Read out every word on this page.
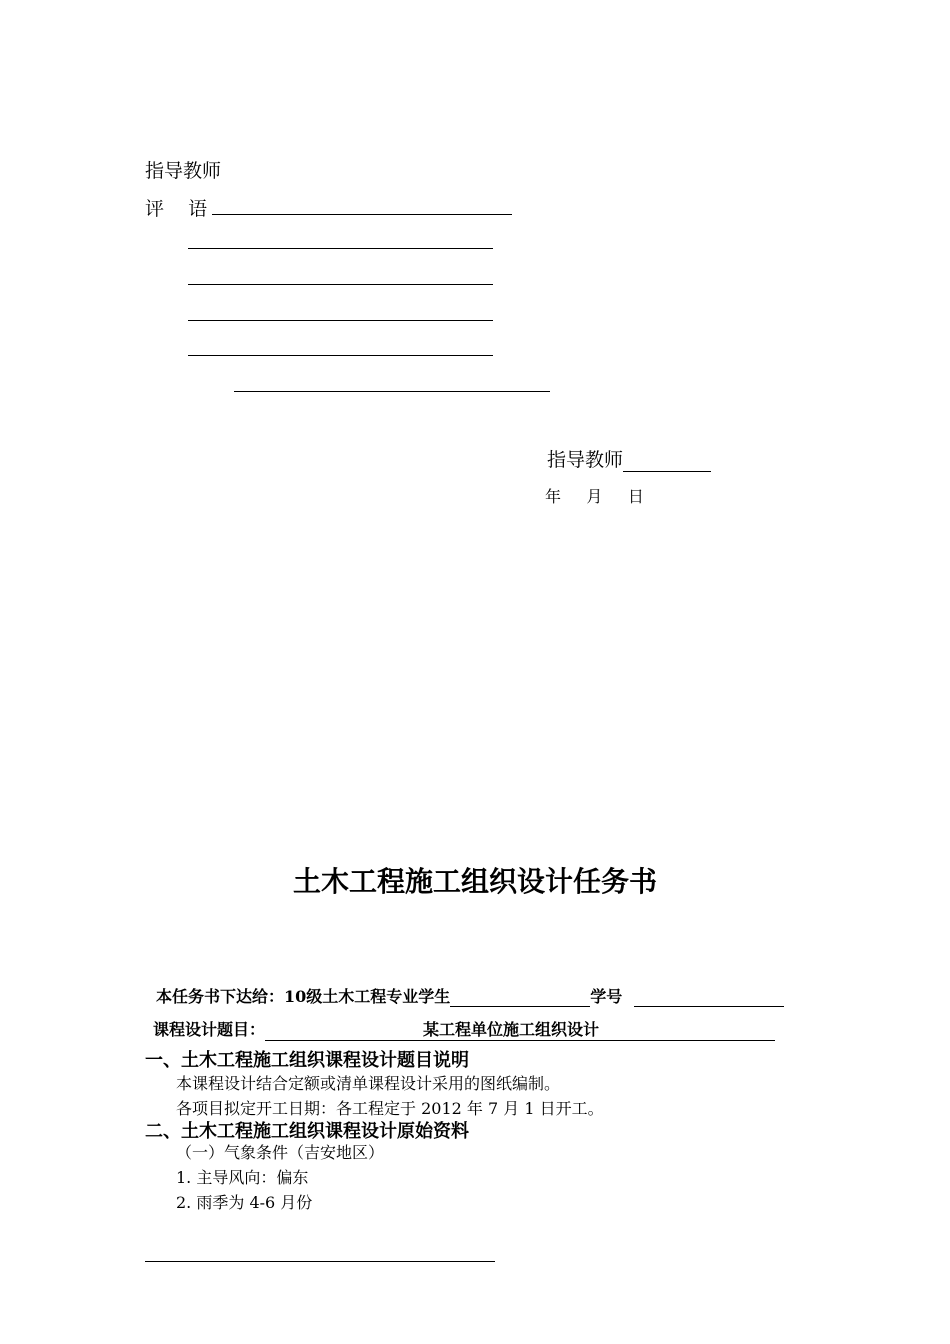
指导教师
评    语
指导教师
年     月     日
土木工程施工组织设计任务书
本任务书下达给：10级土木工程专业学生	学号
课程设计题目：	某工程单位施工组织设计
一、土木工程施工组织课程设计题目说明
本课程设计结合定额或清单课程设计采用的图纸编制。
各项目拟定开工日期：各工程定于 2012 年 7 月 1 日开工。
二、土木工程施工组织课程设计原始资料
（一）气象条件（吉安地区）
1. 主导风向：偏东
2. 雨季为 4-6 月份
